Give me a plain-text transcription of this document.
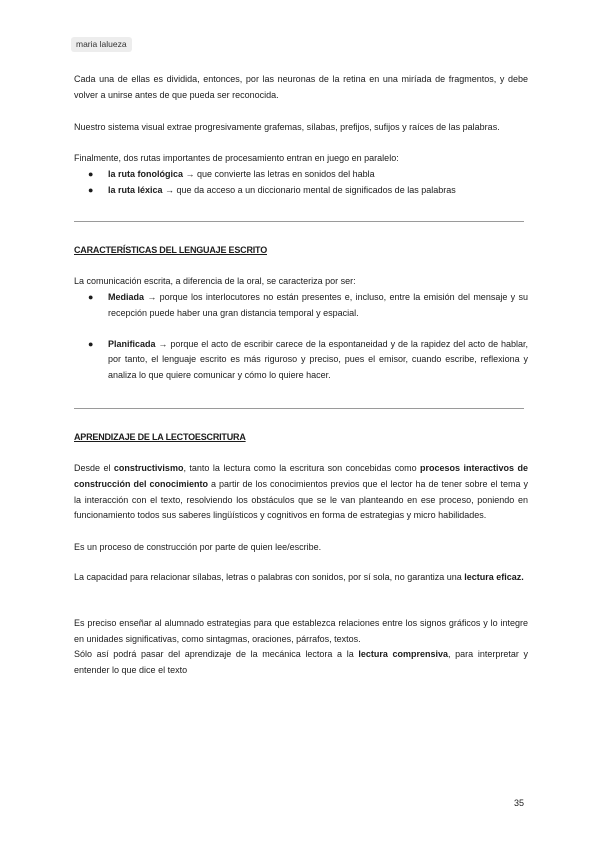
maria lalueza
Cada una de ellas es dividida, entonces, por las neuronas de la retina en una miríada de fragmentos, y debe volver a unirse antes de que pueda ser reconocida.
Nuestro sistema visual extrae progresivamente grafemas, sílabas, prefijos, sufijos y raíces de las palabras.
Finalmente, dos rutas importantes de procesamiento entran en juego en paralelo:
● la ruta fonológica → que convierte las letras en sonidos del habla
● la ruta léxica → que da acceso a un diccionario mental de significados de las palabras
CARACTERÍSTICAS DEL LENGUAJE ESCRITO
La comunicación escrita, a diferencia de la oral, se caracteriza por ser:
● Mediada → porque los interlocutores no están presentes e, incluso, entre la emisión del mensaje y su recepción puede haber una gran distancia temporal y espacial.
● Planificada → porque el acto de escribir carece de la espontaneidad y de la rapidez del acto de hablar, por tanto, el lenguaje escrito es más riguroso y preciso, pues el emisor, cuando escribe, reflexiona y analiza lo que quiere comunicar y cómo lo quiere hacer.
APRENDIZAJE DE LA LECTOESCRITURA
Desde el constructivismo, tanto la lectura como la escritura son concebidas como procesos interactivos de construcción del conocimiento a partir de los conocimientos previos que el lector ha de tener sobre el tema y la interacción con el texto, resolviendo los obstáculos que se le van planteando en ese proceso, poniendo en funcionamiento todos sus saberes lingüísticos y cognitivos en forma de estrategias y micro habilidades.
Es un proceso de construcción por parte de quien lee/escribe.
La capacidad para relacionar sílabas, letras o palabras con sonidos, por sí sola, no garantiza una lectura eficaz.
Es preciso enseñar al alumnado estrategias para que establezca relaciones entre los signos gráficos y lo integre en unidades significativas, como sintagmas, oraciones, párrafos, textos.
Sólo así podrá pasar del aprendizaje de la mecánica lectora a la lectura comprensiva, para interpretar y entender lo que dice el texto
35
